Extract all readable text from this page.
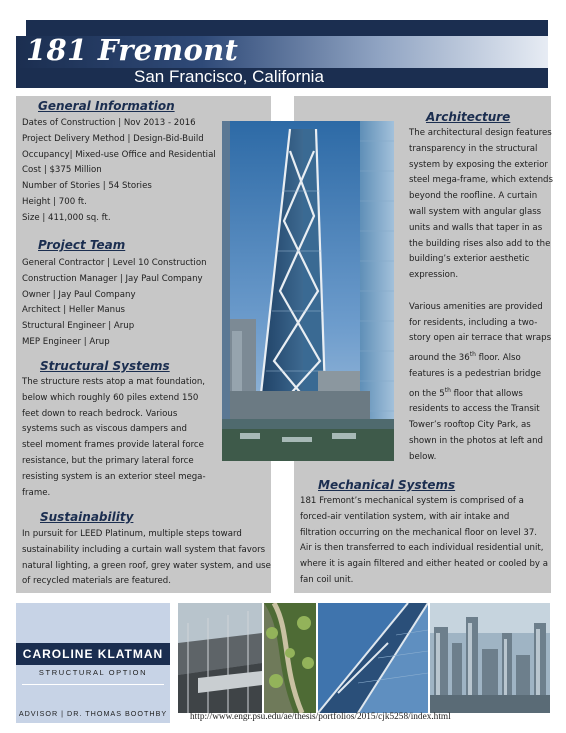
181 Fremont
San Francisco, California
General Information
Dates of Construction | Nov 2013 - 2016
Project Delivery Method | Design-Bid-Build
Occupancy| Mixed-use Office and Residential
Cost | $375 Million
Number of Stories | 54 Stories
Height | 700 ft.
Size | 411,000 sq. ft.
Project Team
General Contractor | Level 10 Construction
Construction Manager | Jay Paul Company
Owner | Jay Paul Company
Architect | Heller Manus
Structural Engineer | Arup
MEP Engineer | Arup
Structural Systems
The structure rests atop a mat foundation,
below which roughly 60 piles extend 150
feet down to reach bedrock. Various
systems such as viscous dampers and
steel moment frames provide lateral force
resistance, but the primary lateral force
resisting system is an exterior steel mega-
frame.
Sustainability
In pursuit for LEED Platinum, multiple steps toward
sustainability including a curtain wall system that favors
natural lighting, a green roof, grey water system, and use
of recycled materials are featured.
Architecture
The architectural design features
transparency in the structural
system by exposing the exterior
steel mega-frame, which extends
beyond the roofline. A curtain
wall system with angular glass
units and walls that taper in as
the building rises also add to the
building’s exterior aesthetic
expression.
Various amenities are provided
for residents, including a two-
story open air terrace that wraps
around the 36th floor. Also
features is a pedestrian bridge
on the 5th floor that allows
residents to access the Transit
Tower’s rooftop City Park, as
shown in the photos at left and
below.
Mechanical Systems
181 Fremont’s mechanical system is comprised of a
forced-air ventilation system, with air intake and
filtration occurring on the mechanical floor on level 37.
Air is then transferred to each individual residential unit,
where it is again filtered and either heated or cooled by a
fan coil unit.
CAROLINE KLATMAN
STRUCTURAL OPTION
ADVISOR | DR. THOMAS BOOTHBY	http://www.engr.psu.edu/ae/thesis/portfolios/2015/cjk5258/index.html
